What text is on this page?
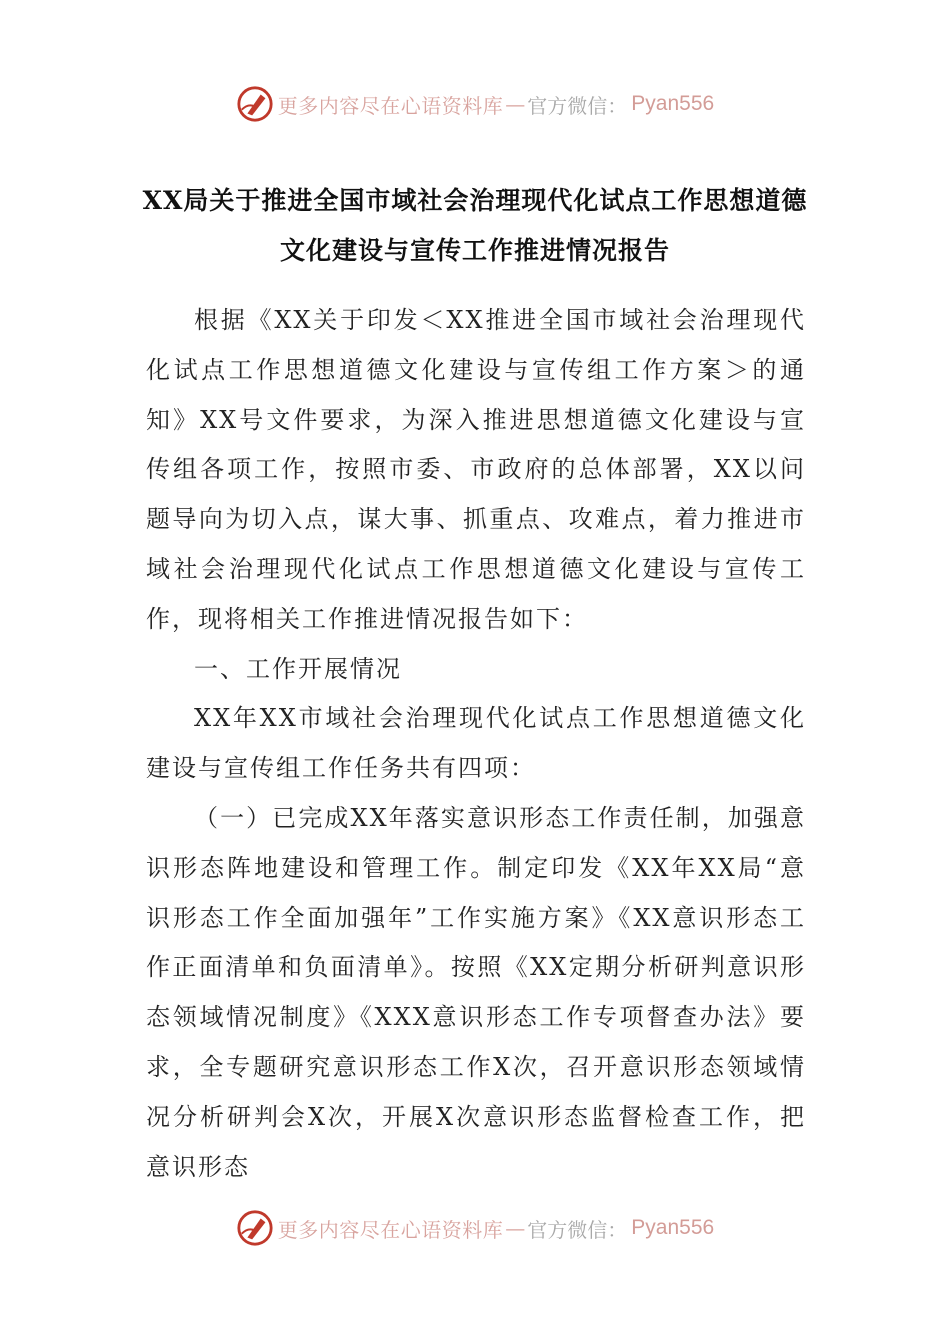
更多内容尽在心语资料库 — 官方微信： Pyan556
XX局关于推进全国市域社会治理现代化试点工作思想道德文化建设与宣传工作推进情况报告

根据《XX关于印发＜XX推进全国市域社会治理现代化试点工作思想道德文化建设与宣传组工作方案＞的通知》XX号文件要求，为深入推进思想道德文化建设与宣传组各项工作，按照市委、市政府的总体部署，XX以问题导向为切入点，谋大事、抓重点、攻难点，着力推进市域社会治理现代化试点工作思想道德文化建设与宣传工作，现将相关工作推进情况报告如下：

一、工作开展情况

XX年XX市域社会治理现代化试点工作思想道德文化建设与宣传组工作任务共有四项：

（一）已完成XX年落实意识形态工作责任制，加强意识形态阵地建设和管理工作。制定印发《XX年XX局“意识形态工作全面加强年”工作实施方案》《XX意识形态工作正面清单和负面清单》。按照《XX定期分析研判意识形态领域情况制度》《XXX意识形态工作专项督查办法》要求，全专题研究意识形态工作X次，召开意识形态领域情况分析研判会X次，开展X次意识形态监督检查工作，把意识形态

更多内容尽在心语资料库 — 官方微信： Pyan556
